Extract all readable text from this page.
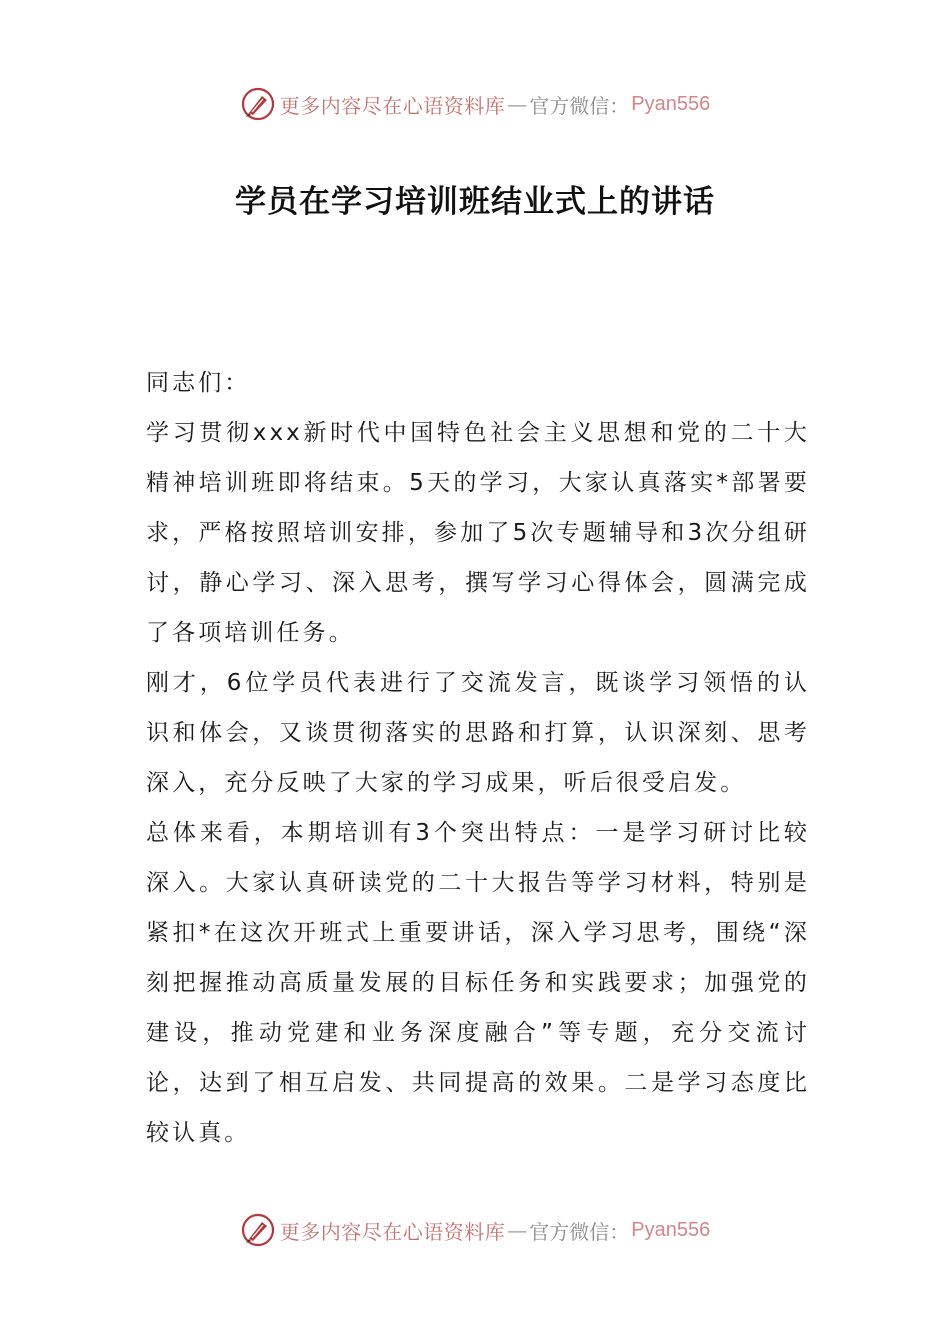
更多内容尽在心语资料库 — 官方微信： Pyan556
学员在学习培训班结业式上的讲话

同志们：

学习贯彻xxx新时代中国特色社会主义思想和党的二十大精神培训班即将结束。5天的学习，大家认真落实*部署要求，严格按照培训安排，参加了5次专题辅导和3次分组研讨，静心学习、深入思考，撰写学习心得体会，圆满完成了各项培训任务。

刚才，6位学员代表进行了交流发言，既谈学习领悟的认识和体会，又谈贯彻落实的思路和打算，认识深刻、思考深入，充分反映了大家的学习成果，听后很受启发。

总体来看，本期培训有3个突出特点：一是学习研讨比较深入。大家认真研读党的二十大报告等学习材料，特别是紧扣*在这次开班式上重要讲话，深入学习思考，围绕“深刻把握推动高质量发展的目标任务和实践要求；加强党的建设，推动党建和业务深度融合”等专题，充分交流讨论，达到了相互启发、共同提高的效果。二是学习态度比较认真。

更多内容尽在心语资料库 — 官方微信： Pyan556
